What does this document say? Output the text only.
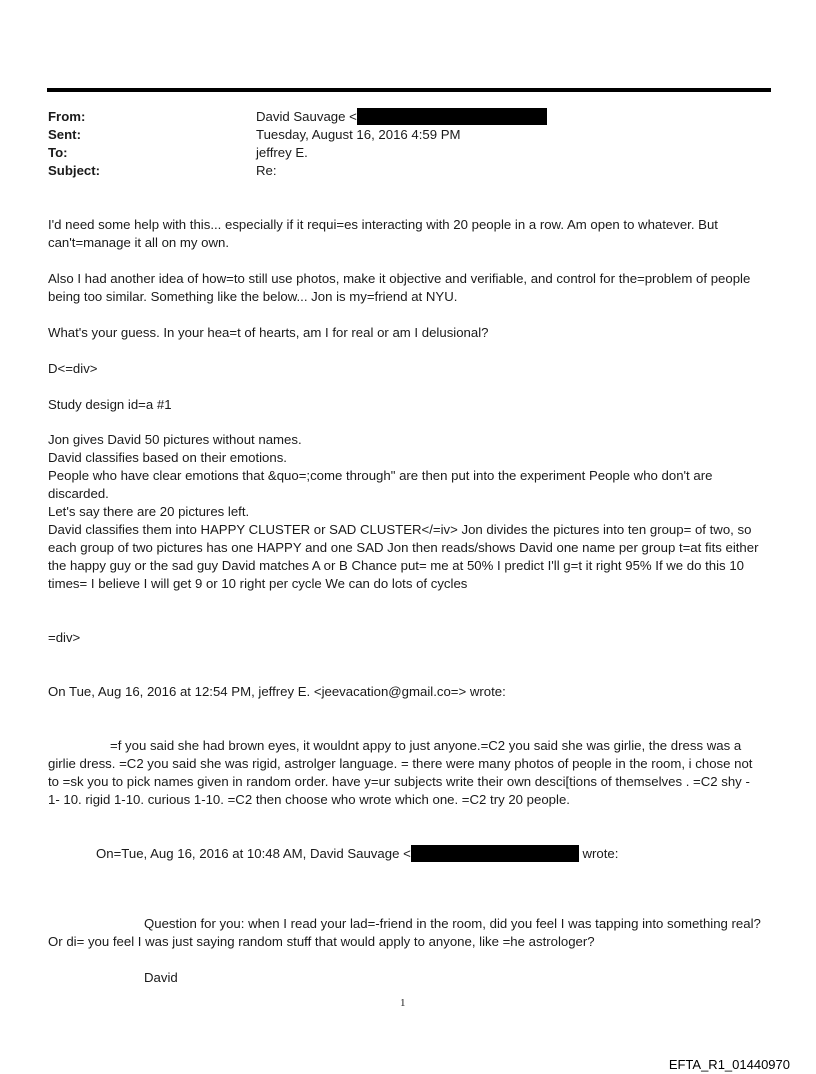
From:	David Sauvage <
Sent:	Tuesday, August 16, 2016 4:59 PM
To:	jeffrey E.
Subject:	Re:

I'd need some help with this... especially if it requi=es interacting with 20 people in a row. Am open to whatever. But can't=manage it all on my own.

Also I had another idea of how=to still use photos, make it objective and verifiable, and control for the=problem of people being too similar. Something like the below... Jon is my=friend at NYU.

What's your guess. In your hea=t of hearts, am I for real or am I delusional?

D<=div>

Study design id=a #1

Jon gives David 50 pictures without names.

David classifies based on their emotions.

People who have clear emotions that &quo=;come through" are then put into the experiment People who don't are discarded.

Let's say there are 20 pictures left.

David classifies them into HAPPY CLUSTER or SAD CLUSTER</=iv> Jon divides the pictures into ten group= of two, so each group of two pictures has one HAPPY and one SAD Jon then reads/shows David one name per group t=at fits either the happy guy or the sad guy David matches A or B Chance put= me at 50% I predict I'll g=t it right 95% If we do this 10 times= I believe I will get 9 or 10 right per cycle We can do lots of cycles

=div>

On Tue, Aug 16, 2016 at 12:54 PM, jeffrey E. <jeevacation@gmail.co=> wrote:

=f you said she had brown eyes, it wouldnt appy to just anyone.=C2 you said she was girlie, the dress was a girlie dress. =C2 you said she was rigid, astrolger language. = there were many photos of people in the room, i chose not to =sk you to pick names given in random order. have y=ur subjects write their own desci[tions of themselves . =C2 shy - 1- 10. rigid 1-10. curious 1-10. =C2 then choose who wrote which one. =C2 try 20 people.

On=Tue, Aug 16, 2016 at 10:48 AM, David Sauvage <	wrote:

Question for you: when I read your lad=-friend in the room, did you feel I was tapping into something real? Or di= you feel I was just saying random stuff that would apply to anyone, like =he astrologer?

David

1
EFTA_R1_01440970
